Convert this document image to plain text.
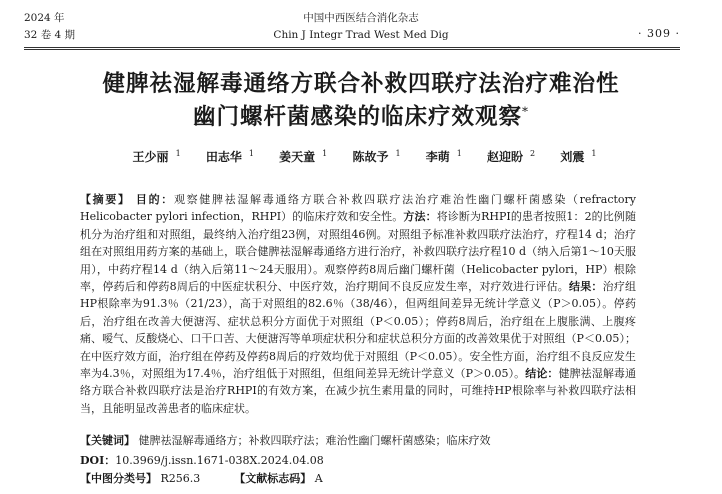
2024 年
32 卷 4 期
中国中西医结合消化杂志
Chin J Integr Trad West Med Dig	· 309 ·
健脾祛湿解毒通络方联合补救四联疗法治疗难治性
幽门螺杆菌感染的临床疗效观察*
王少丽 $^1$ 田志华 $^1$ 姜天童 $^1$ 陈故予 $^1$ 李萌 $^1$ 赵迎盼 $^2$ 刘震 $^1$
【摘要】 目的：观察健脾祛湿解毒通络方联合补救四联疗法治疗难治性幽门螺杆菌感染（refractory Helicobacter pylori infection，RHPI）的临床疗效和安全性。方法：将诊断为RHPI的患者按照1：2的比例随机分为治疗组和对照组，最终纳入治疗组23例，对照组46例。对照组予标准补救四联疗法治疗，疗程14 d；治疗组在对照组用药方案的基础上，联合健脾祛湿解毒通络方进行治疗，补救四联疗法疗程10 d（纳入后第1～10天服用），中药疗程14 d（纳入后第11～24天服用）。观察停药8周后幽门螺杆菌（Helicobacter pylori，HP）根除率，停药后和停药8周后的中医症状积分、中医疗效，治疗期间不良反应发生率，对疗效进行评估。结果：治疗组HP根除率为91.3％（21/23），高于对照组的82.6％（38/46），但两组间差异无统计学意义（P＞0.05）。停药后，治疗组在改善大便溏泻、症状总积分方面优于对照组（P＜0.05）；停药8周后，治疗组在上腹胀满、上腹疼痛、嗳气、反酸烧心、口干口苦、大便溏泻等单项症状积分和症状总积分方面的改善效果优于对照组（P＜0.05）；在中医疗效方面，治疗组在停药及停药8周后的疗效均优于对照组（P＜0.05）。安全性方面，治疗组不良反应发生率为4.3％，对照组为17.4％，治疗组低于对照组，但组间差异无统计学意义（P＞0.05）。结论：健脾祛湿解毒通络方联合补救四联疗法是治疗RHPI的有效方案，在减少抗生素用量的同时，可维持HP根除率与补救四联疗法相当，且能明显改善患者的临床症状。
【关键词】 健脾祛湿解毒通络方；补救四联疗法；难治性幽门螺杆菌感染；临床疗效
DOI：10.3969/j.issn.1671-038X.2024.04.08
【中图分类号】 R256.3	【文献标志码】 A
